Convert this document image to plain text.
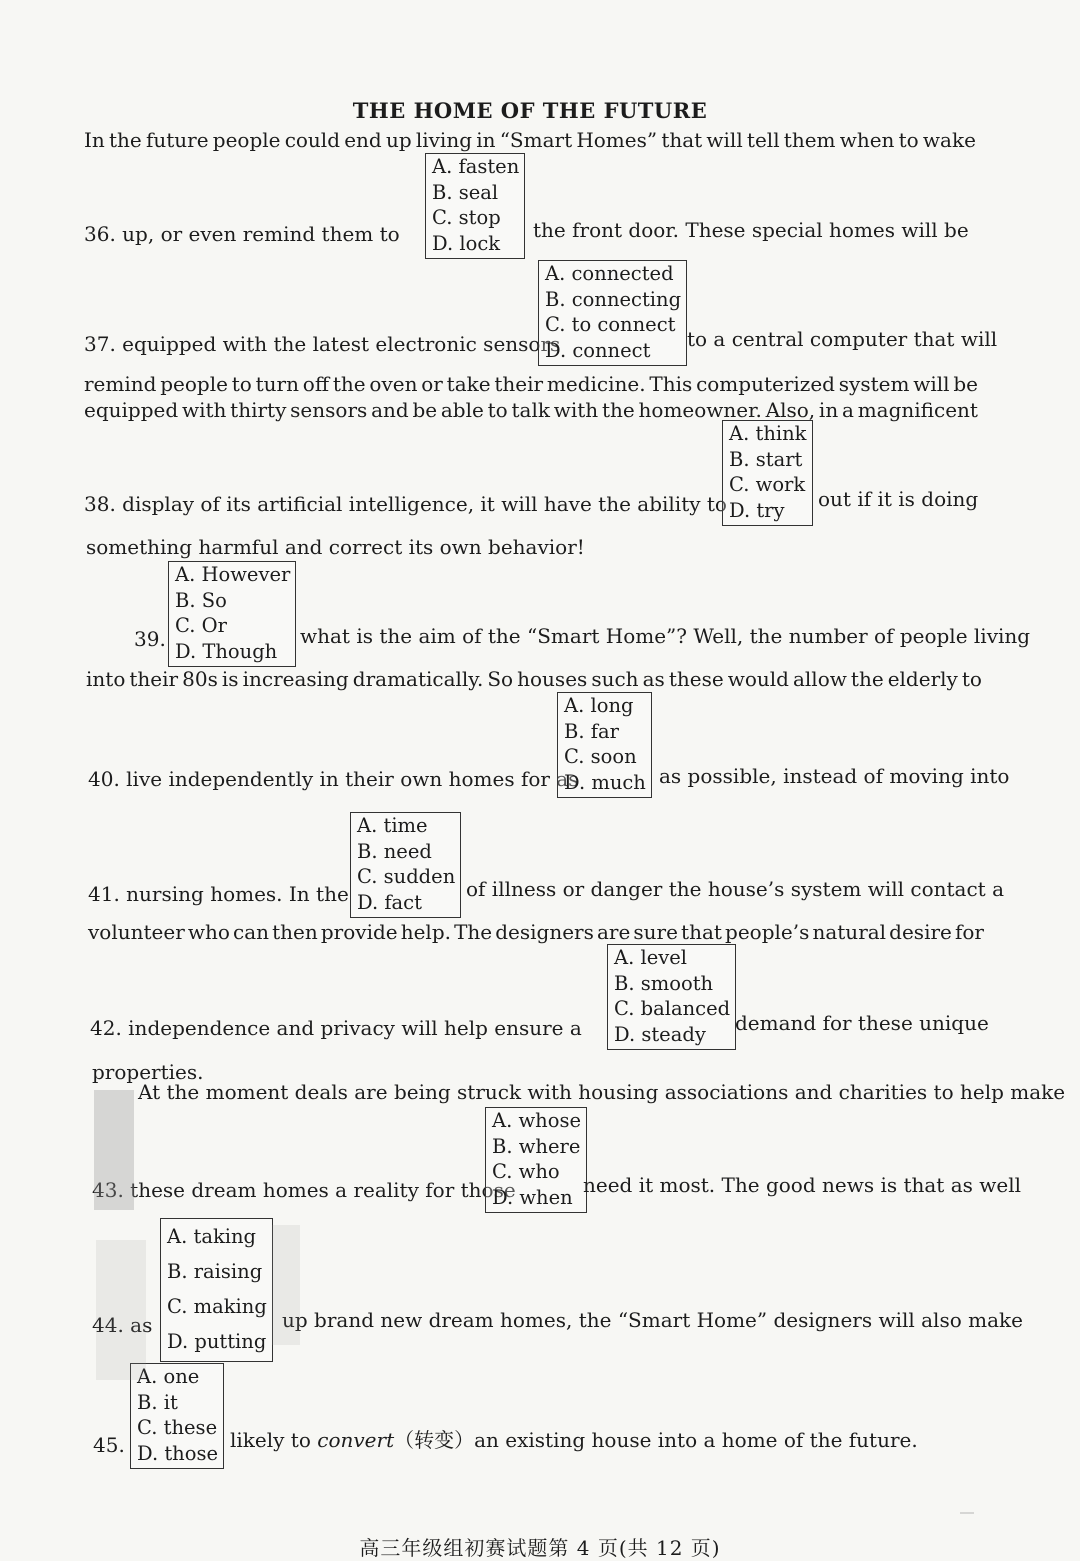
THE HOME OF THE FUTURE
In the future people could end up living in “Smart Homes” that will tell them when to wake
36. up, or even remind them to
A. fasten
B. seal
C. stop
D. lock
the front door. These special homes will be
37. equipped with the latest electronic sensors
A. connected
B. connecting
C. to connect
D. connect	to a central computer that will
remind people to turn off the oven or take their medicine. This computerized system will be
equipped with thirty sensors and be able to talk with the homeowner. Also, in a magnificent
38. display of its artificial intelligence, it will have the ability to
A. think
B. start
C. work
D. try	out if it is doing
something harmful and correct its own behavior!
39.
A. However
B. So
C. Or
D. Though
what is the aim of the “Smart Home”? Well, the number of people living
into their 80s is increasing dramatically. So houses such as these would allow the elderly to
40. live independently in their own homes for as
A. long
B. far
C. soon
D. much as possible, instead of moving into
41. nursing homes. In the
A. time
B. need
C. sudden
D. fact
of illness or danger the house’s system will contact a
volunteer who can then provide help. The designers are sure that people’s natural desire for
42. independence and privacy will help ensure a
A. level
B. smooth
C. balanced
D. steady	demand for these unique
properties.
At the moment deals are being struck with housing associations and charities to help make
43. these dream homes a reality for those
A. whose
B. where
C. who
D. when need it most. The good news is that as well
44. as
A. taking
B. raising
C. making
D. putting
up brand new dream homes, the “Smart Home” designers will also make
45.
A. one
B. it
C. these
D. those
likely to convert（转变）an existing house into a home of the future.
高三年级组初赛试题第 4 页(共 12 页)
